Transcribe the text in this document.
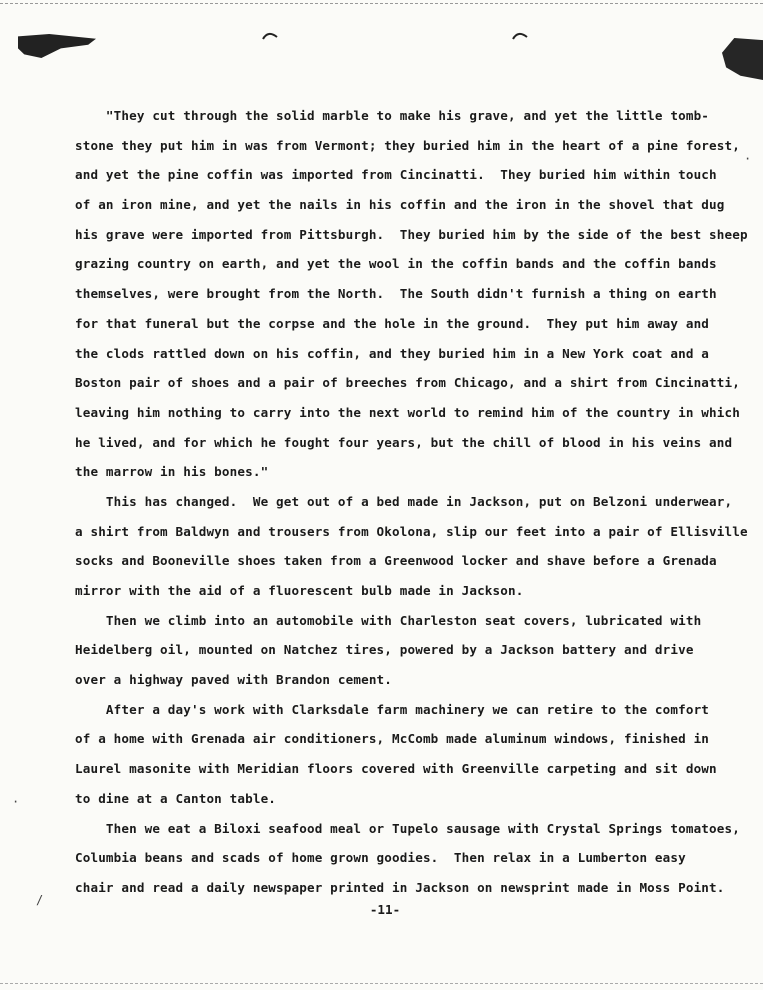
·
/
·
"They cut through the solid marble to make his grave, and yet the little tomb-
stone they put him in was from Vermont; they buried him in the heart of a pine forest,
and yet the pine coffin was imported from Cincinatti.  They buried him within touch
of an iron mine, and yet the nails in his coffin and the iron in the shovel that dug
his grave were imported from Pittsburgh.  They buried him by the side of the best sheep
grazing country on earth, and yet the wool in the coffin bands and the coffin bands
themselves, were brought from the North.  The South didn't furnish a thing on earth
for that funeral but the corpse and the hole in the ground.  They put him away and
the clods rattled down on his coffin, and they buried him in a New York coat and a
Boston pair of shoes and a pair of breeches from Chicago, and a shirt from Cincinatti,
leaving him nothing to carry into the next world to remind him of the country in which
he lived, and for which he fought four years, but the chill of blood in his veins and
the marrow in his bones."
This has changed.  We get out of a bed made in Jackson, put on Belzoni underwear,
a shirt from Baldwyn and trousers from Okolona, slip our feet into a pair of Ellisville
socks and Booneville shoes taken from a Greenwood locker and shave before a Grenada
mirror with the aid of a fluorescent bulb made in Jackson.
Then we climb into an automobile with Charleston seat covers, lubricated with
Heidelberg oil, mounted on Natchez tires, powered by a Jackson battery and drive
over a highway paved with Brandon cement.
After a day's work with Clarksdale farm machinery we can retire to the comfort
of a home with Grenada air conditioners, McComb made aluminum windows, finished in
Laurel masonite with Meridian floors covered with Greenville carpeting and sit down
to dine at a Canton table.
Then we eat a Biloxi seafood meal or Tupelo sausage with Crystal Springs tomatoes,
Columbia beans and scads of home grown goodies.  Then relax in a Lumberton easy
chair and read a daily newspaper printed in Jackson on newsprint made in Moss Point.
-11-
